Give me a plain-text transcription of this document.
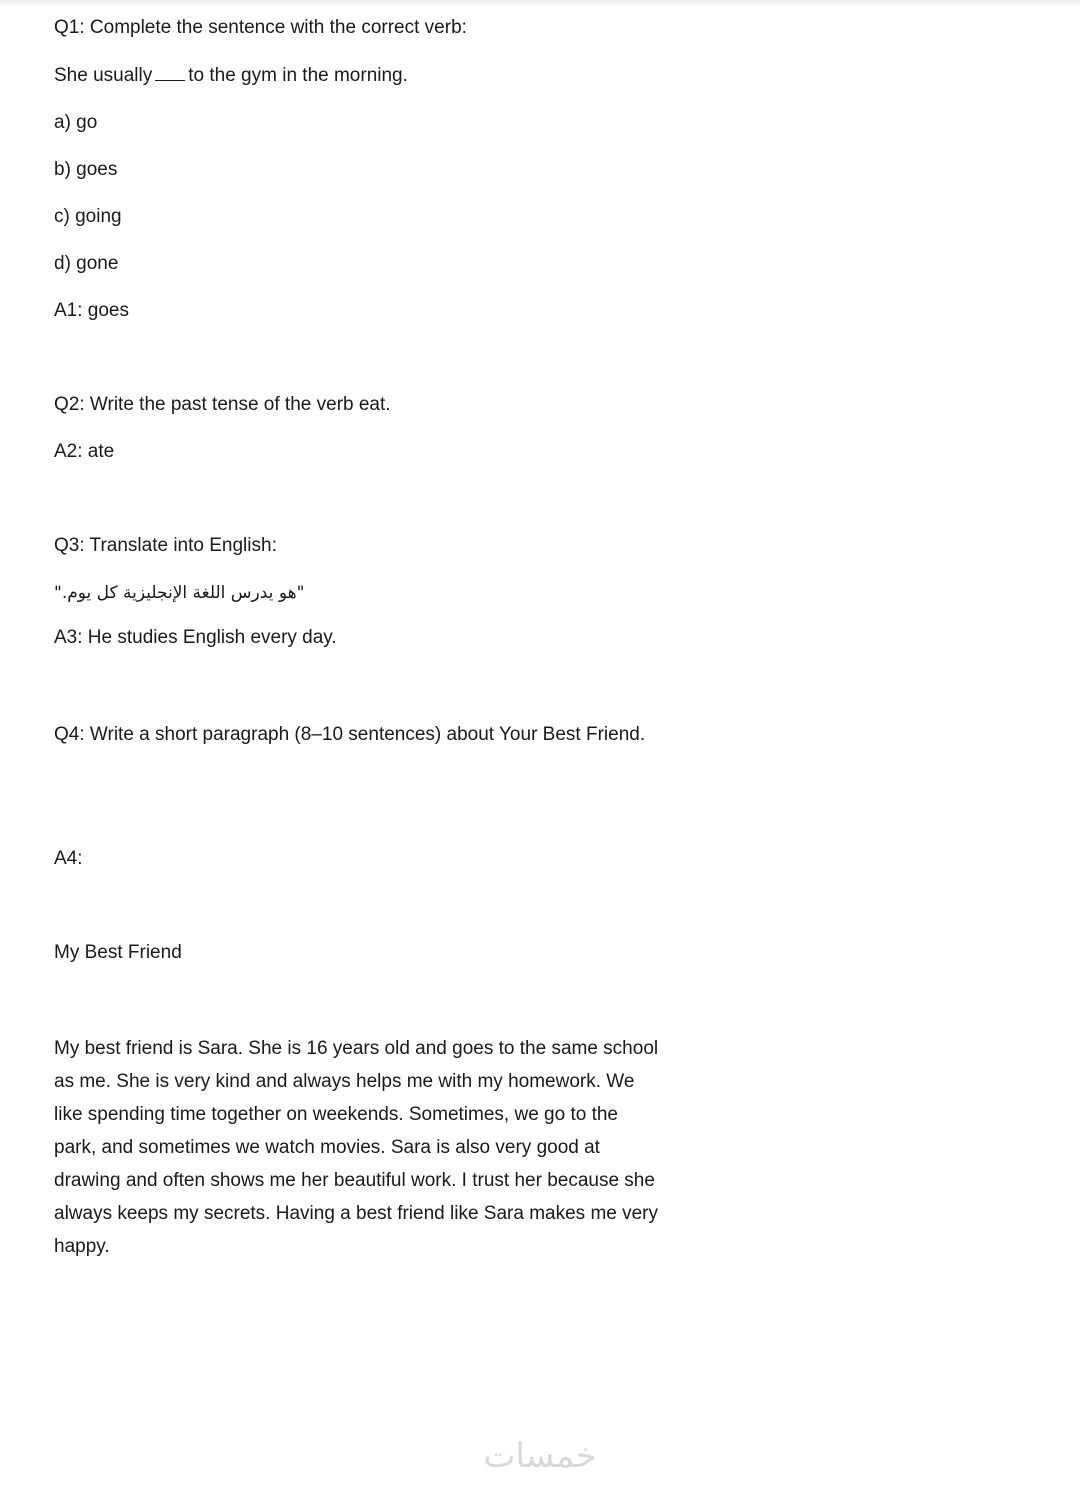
Q1: Complete the sentence with the correct verb:
She usually to the gym in the morning.
a) go
b) goes
c) going
d) gone
A1: goes
Q2: Write the past tense of the verb eat.
A2: ate
Q3: Translate into English:
"هو يدرس اللغة الإنجليزية كل يوم."
A3: He studies English every day.
Q4: Write a short paragraph (8–10 sentences) about Your Best Friend.
A4:
My Best Friend
My best friend is Sara. She is 16 years old and goes to the same school as me. She is very kind and always helps me with my homework. We like spending time together on weekends. Sometimes, we go to the park, and sometimes we watch movies. Sara is also very good at drawing and often shows me her beautiful work. I trust her because she always keeps my secrets. Having a best friend like Sara makes me very happy.
خمسات
